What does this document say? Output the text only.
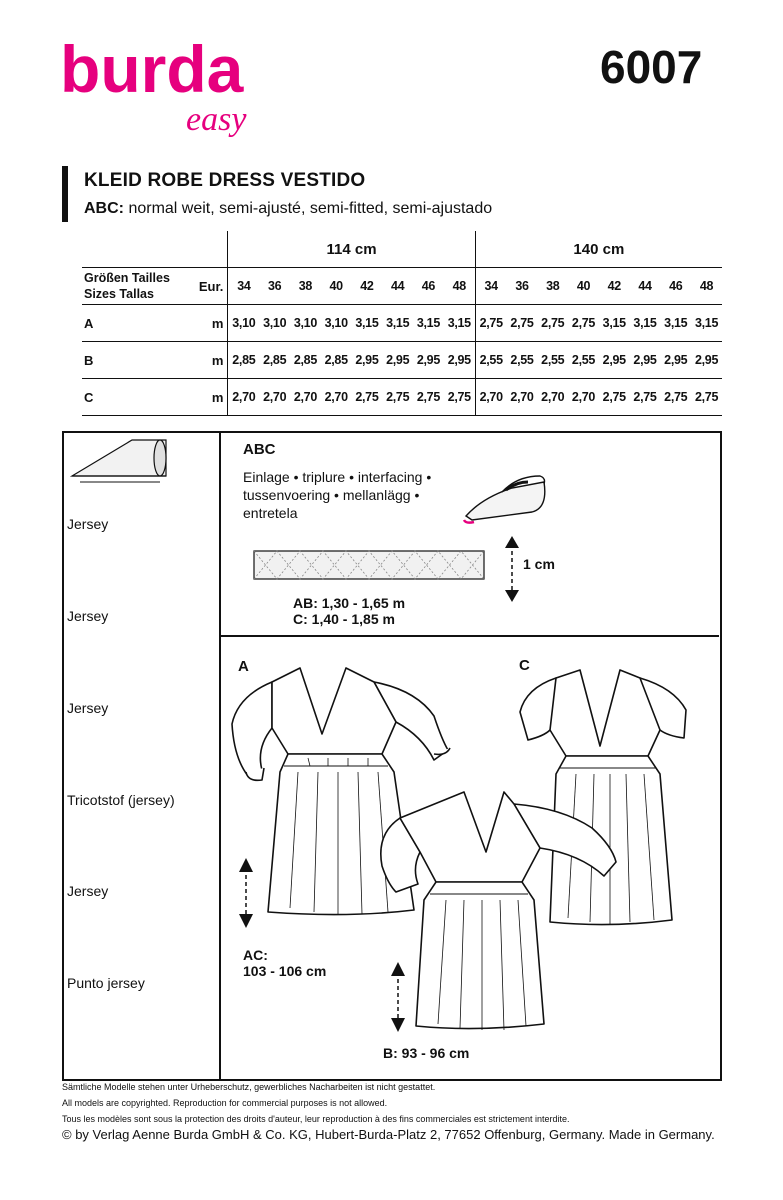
burda
easy
6007
KLEID ROBE DRESS VESTIDO
ABC: normal weit, semi-ajusté, semi-fitted, semi-ajustado
		114 cm								140 cm							
Größen Tailles
Sizes Tallas	Eur.	34	36	38	40	42	44	46	48	34	36	38	40	42	44	46	48
A	m	3,10	3,10	3,10	3,10	3,15	3,15	3,15	3,15	2,75	2,75	2,75	2,75	3,15	3,15	3,15	3,15
B	m	2,85	2,85	2,85	2,85	2,95	2,95	2,95	2,95	2,55	2,55	2,55	2,55	2,95	2,95	2,95	2,95
C	m	2,70	2,70	2,70	2,70	2,75	2,75	2,75	2,75	2,70	2,70	2,70	2,70	2,75	2,75	2,75	2,75
Jersey
Jersey
Jersey
Tricotstof (jersey)
Jersey
Punto jersey
ABC
Einlage • triplure • interfacing •
tussenvoering • mellanlägg •
entretela
AB: 1,30 - 1,65 m
C: 1,40 - 1,85 m
1 cm
A	C
AC:
103 - 106 cm
B: 93 - 96 cm
Sämtliche Modelle stehen unter Urheberschutz, gewerbliches Nacharbeiten ist nicht gestattet.
All models are copyrighted. Reproduction for commercial purposes is not allowed.
Tous les modèles sont sous la protection des droits d'auteur, leur reproduction à des fins commerciales est strictement interdite.
© by Verlag Aenne Burda GmbH & Co. KG, Hubert-Burda-Platz 2, 77652 Offenburg, Germany. Made in Germany.
